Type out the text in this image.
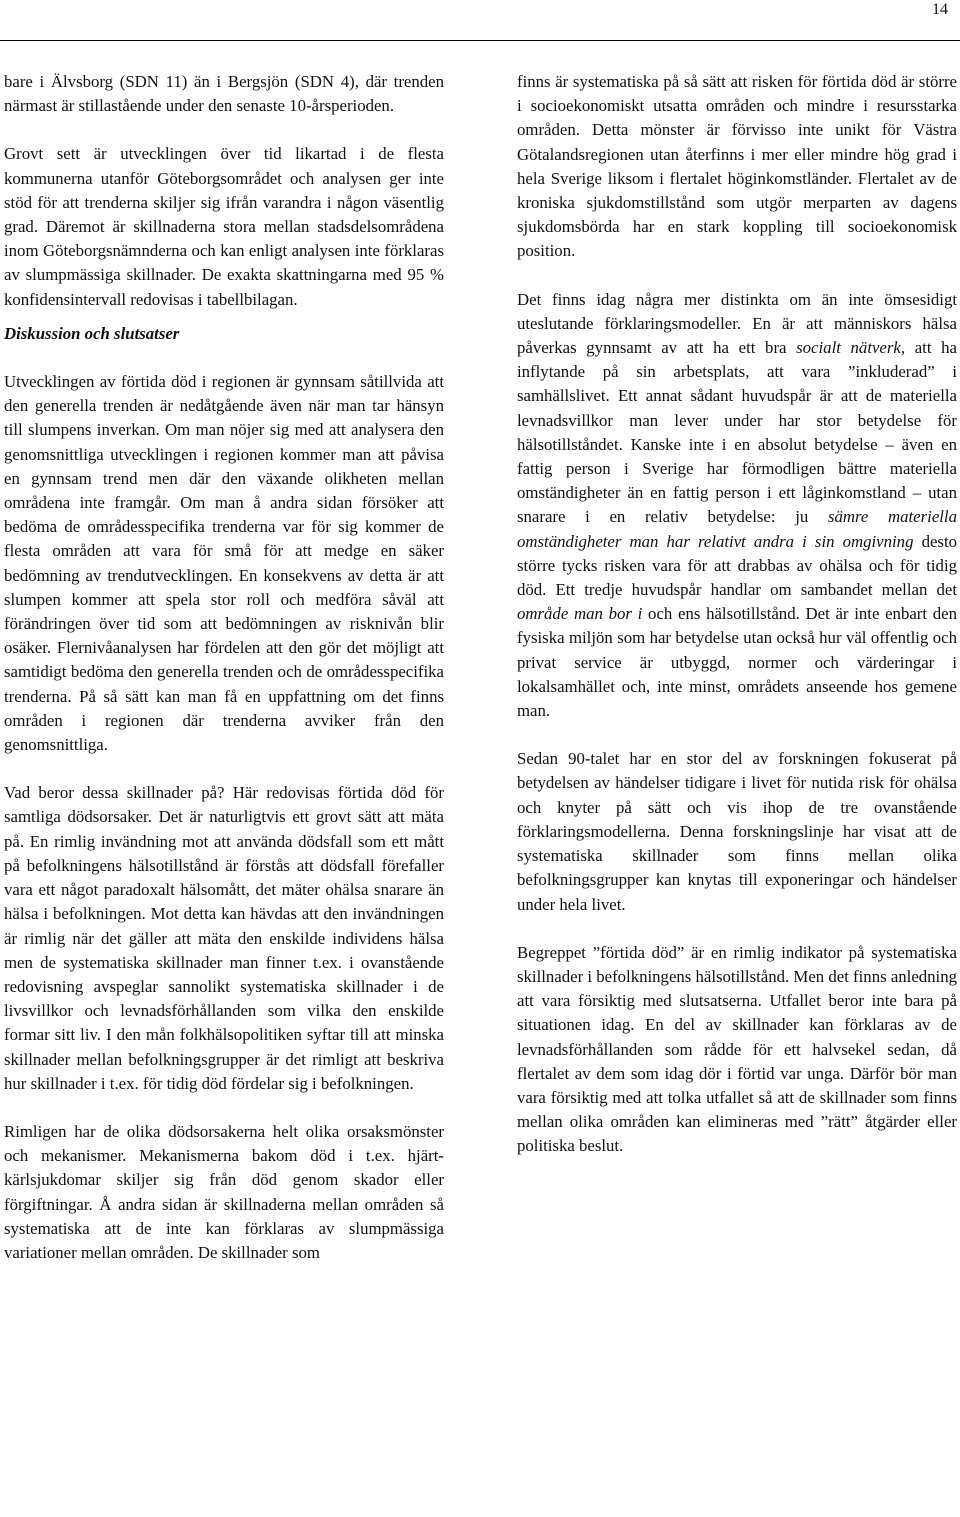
14

bare i Älvsborg (SDN 11) än i Bergsjön (SDN 4), där trenden närmast är stillastående under den senaste 10-årsperioden.

Grovt sett är utvecklingen över tid likartad i de flesta kommunerna utanför Göteborgsområdet och analysen ger inte stöd för att trenderna skiljer sig ifrån varandra i någon väsentlig grad. Däremot är skillnaderna stora mellan stadsdelsområdena inom Göteborgsnämnderna och kan enligt analysen inte förklaras av slumpmässiga skillnader. De exakta skattningarna med 95 % konfidensintervall redovisas i tabellbilagan.

Diskussion och slutsatser

Utvecklingen av förtida död i regionen är gynnsam såtillvida att den generella trenden är nedåtgående även när man tar hänsyn till slumpens inverkan. Om man nöjer sig med att analysera den genomsnittliga utvecklingen i regionen kommer man att påvisa en gynnsam trend men där den växande olikheten mellan områdena inte framgår. Om man å andra sidan försöker att bedöma de områdesspecifika trenderna var för sig kommer de flesta områden att vara för små för att medge en säker bedömning av trendutvecklingen. En konsekvens av detta är att slumpen kommer att spela stor roll och medföra såväl att förändringen över tid som att bedömningen av risknivån blir osäker. Flernivåanalysen har fördelen att den gör det möjligt att samtidigt bedöma den generella trenden och de områdesspecifika trenderna. På så sätt kan man få en uppfattning om det finns områden i regionen där trenderna avviker från den genomsnittliga.

Vad beror dessa skillnader på? Här redovisas förtida död för samtliga dödsorsaker. Det är naturligtvis ett grovt sätt att mäta på. En rimlig invändning mot att använda dödsfall som ett mått på befolkningens hälsotillstånd är förstås att dödsfall förefaller vara ett något paradoxalt hälsomått, det mäter ohälsa snarare än hälsa i befolkningen. Mot detta kan hävdas att den invändningen är rimlig när det gäller att mäta den enskilde individens hälsa men de systematiska skillnader man finner t.ex. i ovanstående redovisning avspeglar sannolikt systematiska skillnader i de livsvillkor och levnadsförhållanden som vilka den enskilde formar sitt liv. I den mån folkhälsopolitiken syftar till att minska skillnader mellan befolkningsgrupper är det rimligt att beskriva hur skillnader i t.ex. för tidig död fördelar sig i befolkningen.

Rimligen har de olika dödsorsakerna helt olika orsaksmönster och mekanismer. Mekanismerna bakom död i t.ex. hjärt-kärlsjukdomar skiljer sig från död genom skador eller förgiftningar. Å andra sidan är skillnaderna mellan områden så systematiska att de inte kan förklaras av slumpmässiga variationer mellan områden. De skillnader som

finns är systematiska på så sätt att risken för förtida död är större i socioekonomiskt utsatta områden och mindre i resursstarka områden. Detta mönster är förvisso inte unikt för Västra Götalandsregionen utan återfinns i mer eller mindre hög grad i hela Sverige liksom i flertalet höginkomstländer. Flertalet av de kroniska sjukdomstillstånd som utgör merparten av dagens sjukdomsbörda har en stark koppling till socioekonomisk position.

Det finns idag några mer distinkta om än inte ömsesidigt uteslutande förklaringsmodeller. En är att människors hälsa påverkas gynnsamt av att ha ett bra socialt nätverk, att ha inflytande på sin arbetsplats, att vara ”inkluderad” i samhällslivet. Ett annat sådant huvudspår är att de materiella levnadsvillkor man lever under har stor betydelse för hälsotillståndet. Kanske inte i en absolut betydelse – även en fattig person i Sverige har förmodligen bättre materiella omständigheter än en fattig person i ett låginkomstland – utan snarare i en relativ betydelse: ju sämre materiella omständigheter man har relativt andra i sin omgivning desto större tycks risken vara för att drabbas av ohälsa och för tidig död. Ett tredje huvudspår handlar om sambandet mellan det område man bor i och ens hälsotillstånd. Det är inte enbart den fysiska miljön som har betydelse utan också hur väl offentlig och privat service är utbyggd, normer och värderingar i lokalsamhället och, inte minst, områdets anseende hos gemene man.

Sedan 90-talet har en stor del av forskningen fokuserat på betydelsen av händelser tidigare i livet för nutida risk för ohälsa och knyter på sätt och vis ihop de tre ovanstående förklaringsmodellerna. Denna forskningslinje har visat att de systematiska skillnader som finns mellan olika befolkningsgrupper kan knytas till exponeringar och händelser under hela livet.

Begreppet ”förtida död” är en rimlig indikator på systematiska skillnader i befolkningens hälsotillstånd. Men det finns anledning att vara försiktig med slutsatserna. Utfallet beror inte bara på situationen idag. En del av skillnader kan förklaras av de levnadsförhållanden som rådde för ett halvsekel sedan, då flertalet av dem som idag dör i förtid var unga. Därför bör man vara försiktig med att tolka utfallet så att de skillnader som finns mellan olika områden kan elimineras med ”rätt” åtgärder eller politiska beslut.
